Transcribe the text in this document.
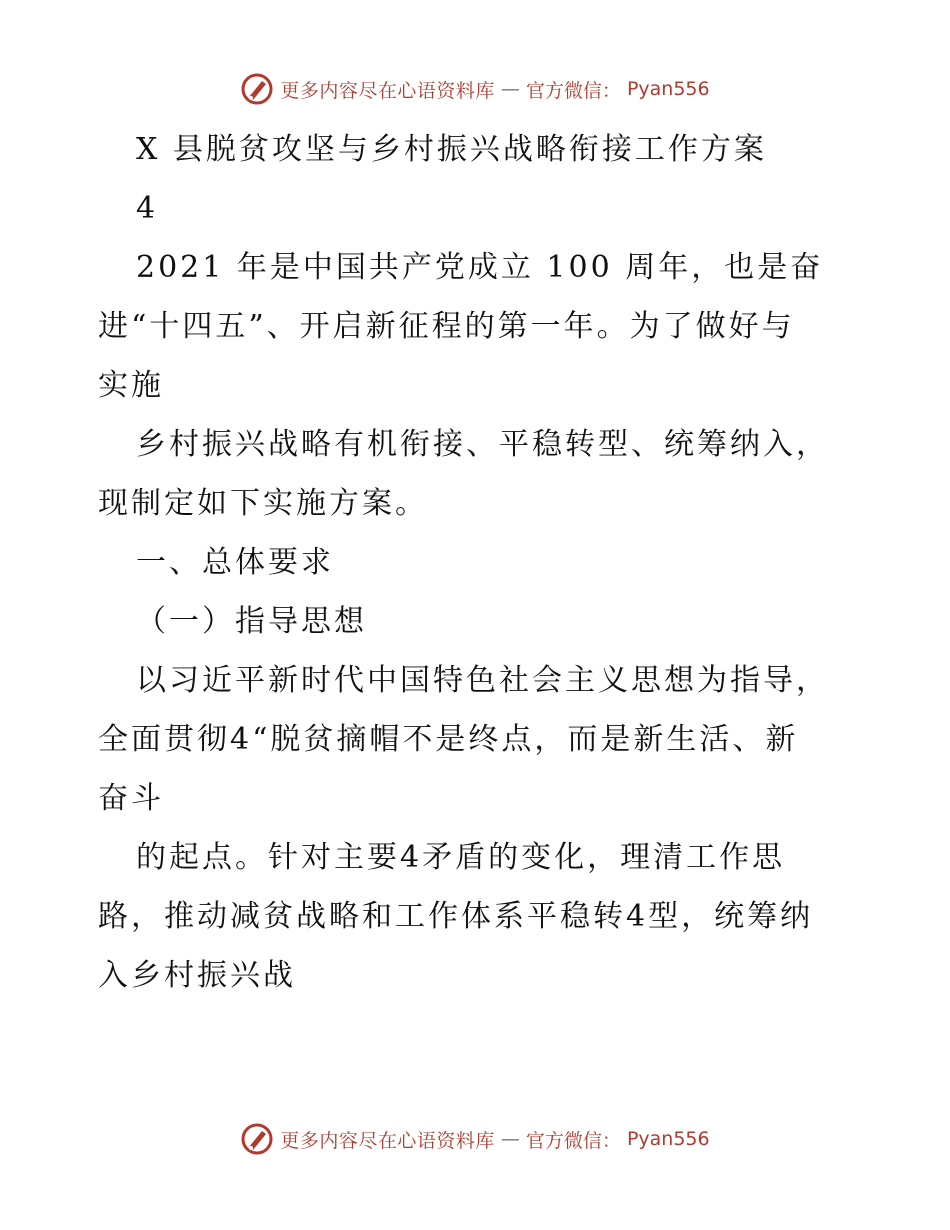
更多内容尽在心语资料库 — 官方微信： Pyan556
X 县脱贫攻坚与乡村振兴战略衔接工作方案
4
2021 年是中国共产党成立 100 周年，也是奋
进“十四五”、开启新征程的第一年。为了做好与
实施
乡村振兴战略有机衔接、平稳转型、统筹纳入，
现制定如下实施方案。
一、总体要求
（一）指导思想
以习近平新时代中国特色社会主义思想为指导，
全面贯彻4“脱贫摘帽不是终点，而是新生活、新
奋斗
的起点。针对主要4矛盾的变化，理清工作思
路，推动减贫战略和工作体系平稳转4型，统筹纳
入乡村振兴战
更多内容尽在心语资料库 — 官方微信： Pyan556
